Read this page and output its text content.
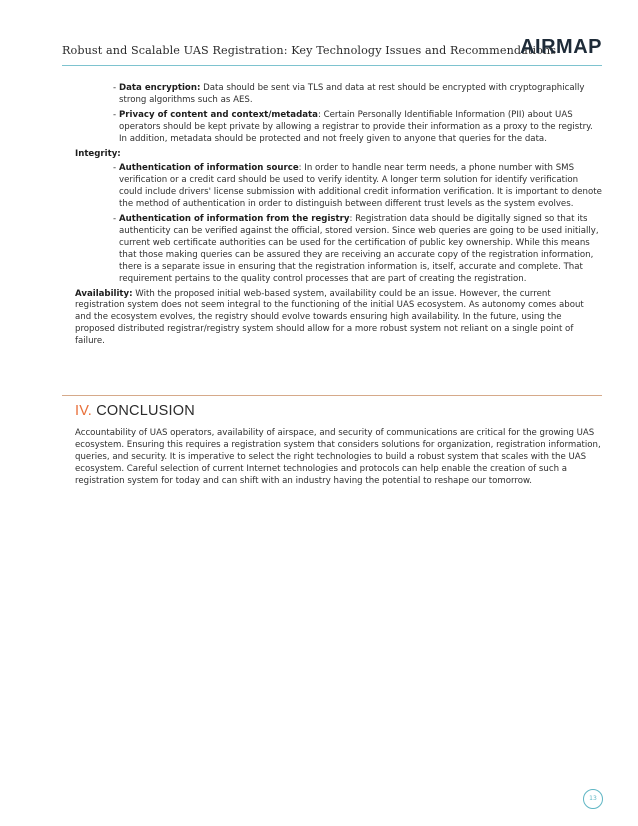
Robust and Scalable UAS Registration: Key Technology Issues and Recommendations
AIRMAP
- Data encryption: Data should be sent via TLS and data at rest should be encrypted with cryptographically strong algorithms such as AES.
- Privacy of content and context/metadata: Certain Personally Identifiable Information (PII) about UAS operators should be kept private by allowing a registrar to provide their information as a proxy to the registry. In addition, metadata should be protected and not freely given to anyone that queries for the data.
Integrity:
- Authentication of information source: In order to handle near term needs, a phone number with SMS verification or a credit card should be used to verify identity. A longer term solution for identify verification could include drivers' license submission with additional credit information verification. It is important to denote the method of authentication in order to distinguish between different trust levels as the system evolves.
- Authentication of information from the registry: Registration data should be digitally signed so that its authenticity can be verified against the official, stored version. Since web queries are going to be used initially, current web certificate authorities can be used for the certification of public key ownership. While this means that those making queries can be assured they are receiving an accurate copy of the registration information, there is a separate issue in ensuring that the registration information is, itself, accurate and complete. That requirement pertains to the quality control processes that are part of creating the registration.

Availability: With the proposed initial web-based system, availability could be an issue. However, the current registration system does not seem integral to the functioning of the initial UAS ecosystem. As autonomy comes about and the ecosystem evolves, the registry should evolve towards ensuring high availability. In the future, using the proposed distributed registrar/registry system should allow for a more robust system not reliant on a single point of failure.

IV. CONCLUSION

Accountability of UAS operators, availability of airspace, and security of communications are critical for the growing UAS ecosystem. Ensuring this requires a registration system that considers solutions for organization, registration information, queries, and security. It is imperative to select the right technologies to build a robust system that scales with the UAS ecosystem. Careful selection of current Internet technologies and protocols can help enable the creation of such a registration system for today and can shift with an industry having the potential to reshape our tomorrow.

13
